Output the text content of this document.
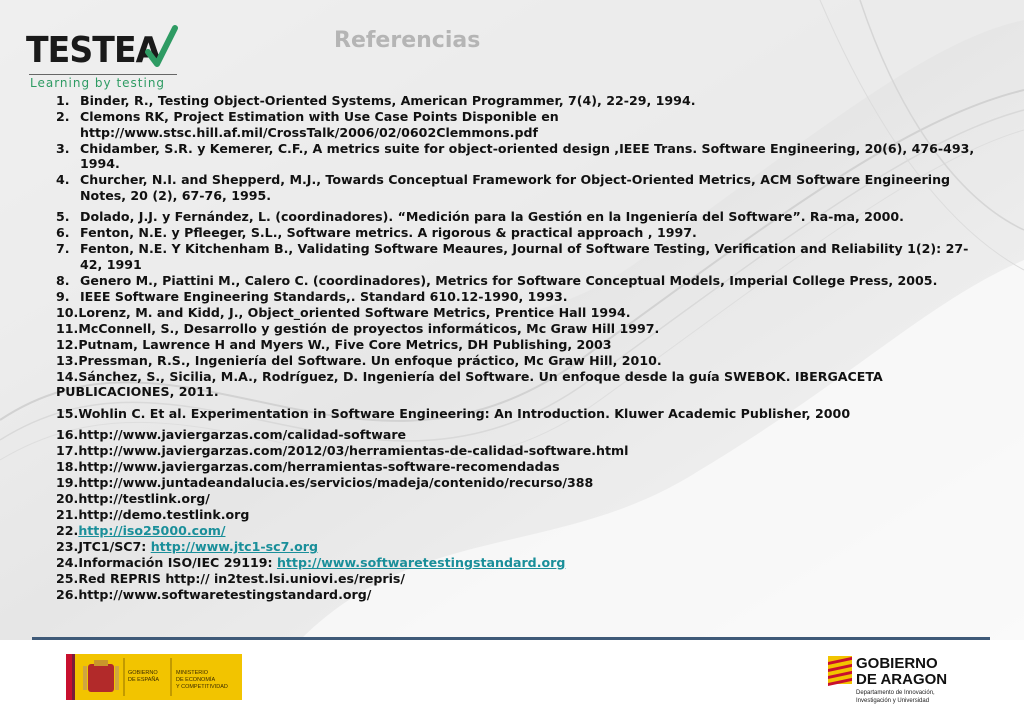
TESTEA
Learning by testing
Referencias
1. Binder, R., Testing Object-Oriented Systems, American Programmer, 7(4), 22-29, 1994.
2. Clemons RK, Project Estimation with Use Case Points Disponible en http://www.stsc.hill.af.mil/CrossTalk/2006/02/0602Clemmons.pdf
3. Chidamber, S.R. y Kemerer, C.F., A metrics suite for object-oriented design ,IEEE Trans. Software Engineering, 20(6), 476-493, 1994.
4. Churcher, N.I. and Shepperd, M.J., Towards Conceptual Framework for Object-Oriented Metrics, ACM Software Engineering Notes, 20 (2), 67-76, 1995.
5. Dolado, J.J. y Fernández, L. (coordinadores). “Medición para la Gestión en la Ingeniería del Software”. Ra-ma, 2000.
6. Fenton, N.E. y Pfleeger, S.L., Software metrics. A rigorous & practical approach , 1997.
7. Fenton, N.E. Y Kitchenham B., Validating Software Meaures, Journal of Software Testing, Verification and Reliability 1(2): 27-42, 1991
8. Genero M., Piattini M., Calero C. (coordinadores), Metrics for Software Conceptual Models, Imperial College Press, 2005.
9. IEEE Software Engineering Standards,. Standard 610.12-1990, 1993.
10.Lorenz, M. and Kidd, J., Object_oriented Software Metrics, Prentice Hall 1994.
11.McConnell, S., Desarrollo y gestión de proyectos informáticos, Mc Graw Hill 1997.
12.Putnam, Lawrence H and Myers W., Five Core Metrics, DH Publishing, 2003
13.Pressman, R.S., Ingeniería del Software. Un enfoque práctico, Mc Graw Hill, 2010.
14.Sánchez, S., Sicilia, M.A., Rodríguez, D. Ingeniería del Software. Un enfoque desde la guía SWEBOK. IBERGACETA PUBLICACIONES, 2011.
15.Wohlin C. Et al. Experimentation in Software Engineering: An Introduction. Kluwer Academic Publisher, 2000
16.http://www.javiergarzas.com/calidad-software
17.http://www.javiergarzas.com/2012/03/herramientas-de-calidad-software.html
18.http://www.javiergarzas.com/herramientas-software-recomendadas
19.http://www.juntadeandalucia.es/servicios/madeja/contenido/recurso/388
20.http://testlink.org/
21.http://demo.testlink.org
22.http://iso25000.com/
23.JTC1/SC7: http://www.jtc1-sc7.org
24.Información ISO/IEC 29119: http://www.softwaretestingstandard.org
25.Red REPRIS http:// in2test.lsi.uniovi.es/repris/
26.http://www.softwaretestingstandard.org/
GOBIERNO
DE ESPAÑA
MINISTERIO
DE ECONOMÍA
Y COMPETITIVIDAD
GOBIERNO
DE ARAGON
Departamento de Innovación,
Investigación y Universidad
